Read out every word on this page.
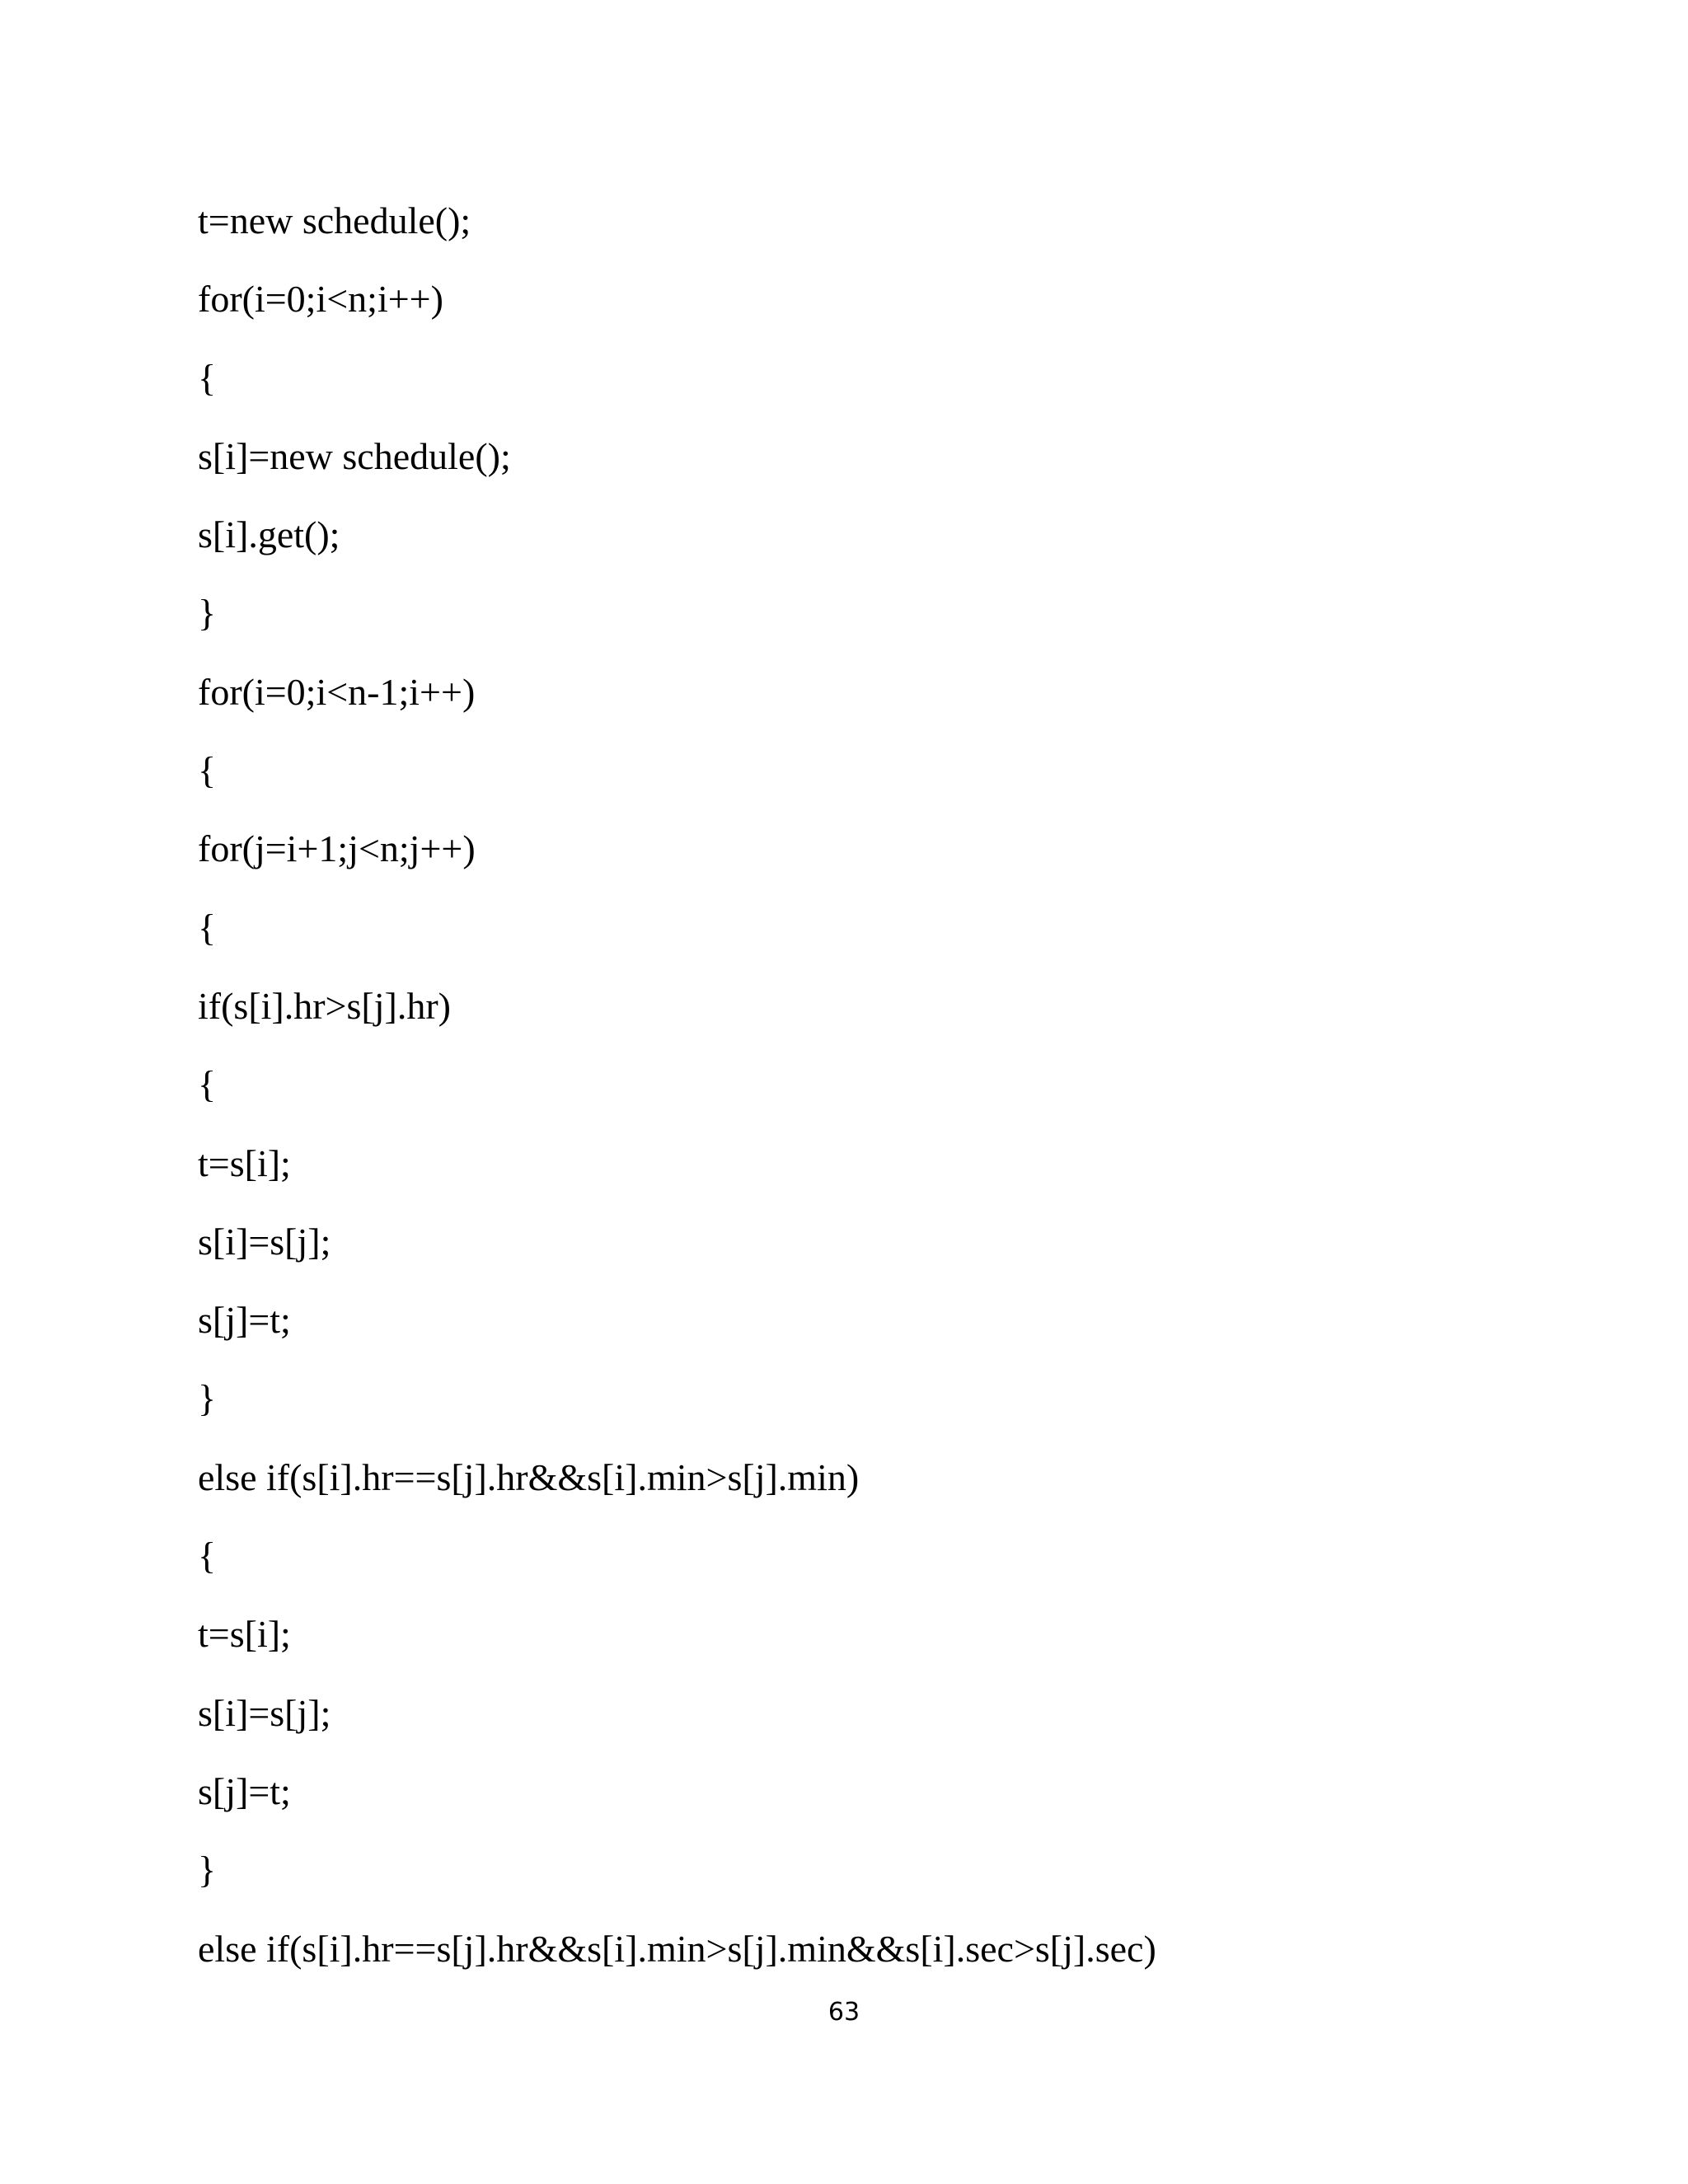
t=new schedule();
for(i=0;i<n;i++)
{
s[i]=new schedule();
s[i].get();
}
for(i=0;i<n-1;i++)
{
for(j=i+1;j<n;j++)
{
if(s[i].hr>s[j].hr)
{
t=s[i];
s[i]=s[j];
s[j]=t;
}
else if(s[i].hr==s[j].hr&&s[i].min>s[j].min)
{
t=s[i];
s[i]=s[j];
s[j]=t;
}
else if(s[i].hr==s[j].hr&&s[i].min>s[j].min&&s[i].sec>s[j].sec)
63
